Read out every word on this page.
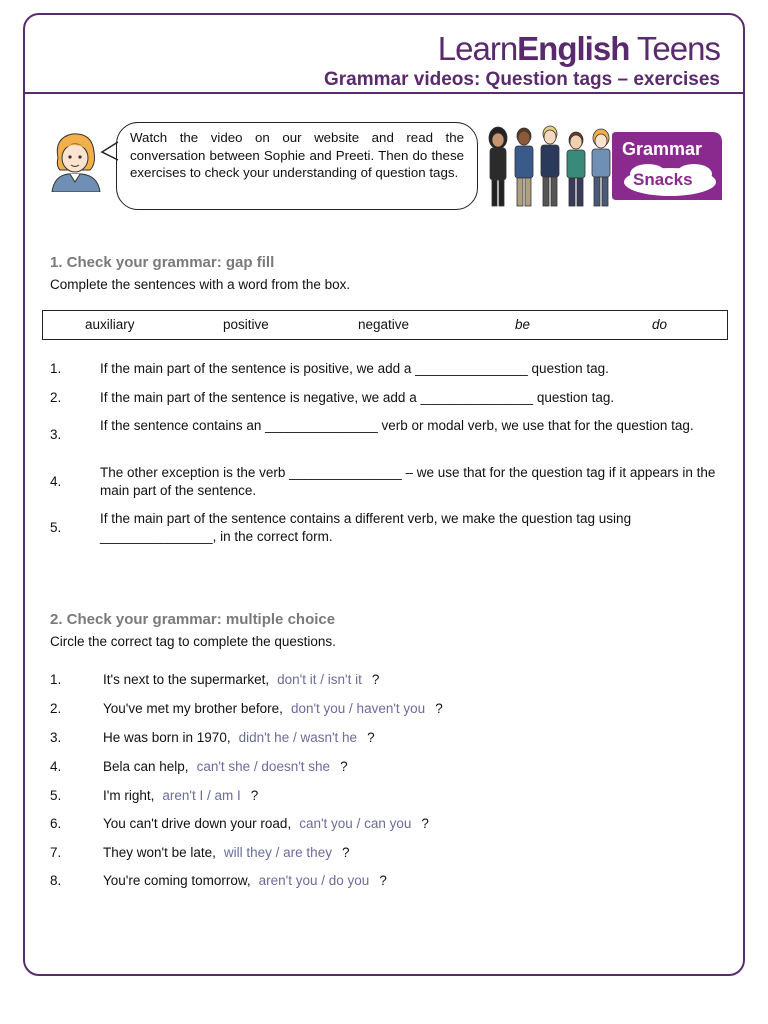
LearnEnglish Teens
Grammar videos: Question tags – exercises
Watch the video on our website and read the conversation between Sophie and Preeti. Then do these exercises to check your understanding of question tags.
Grammar
Snacks
1. Check your grammar: gap fill
Complete the sentences with a word from the box.
auxiliary	positive	negative	be	do
1.	If the main part of the sentence is positive, we add a _______________ question tag.
2.	If the main part of the sentence is negative, we add a _______________ question tag.
3.
If the sentence contains an _______________ verb or modal verb, we use that for the question tag.
4.
The other exception is the verb _______________ – we use that for the question tag if it appears in the main part of the sentence.
5.
If the main part of the sentence contains a different verb, we make the question tag using _______________, in the correct form.
2. Check your grammar: multiple choice
Circle the correct tag to complete the questions.
1.	It's next to the supermarket, don't it / isn't it ?
2.	You've met my brother before, don't you / haven't you ?
3.	He was born in 1970, didn't he / wasn't he ?
4.	Bela can help, can't she / doesn't she ?
5.	I'm right, aren't I / am I ?
6.	You can't drive down your road, can't you / can you ?
7.	They won't be late, will they / are they ?
8.	You're coming tomorrow, aren't you / do you ?
